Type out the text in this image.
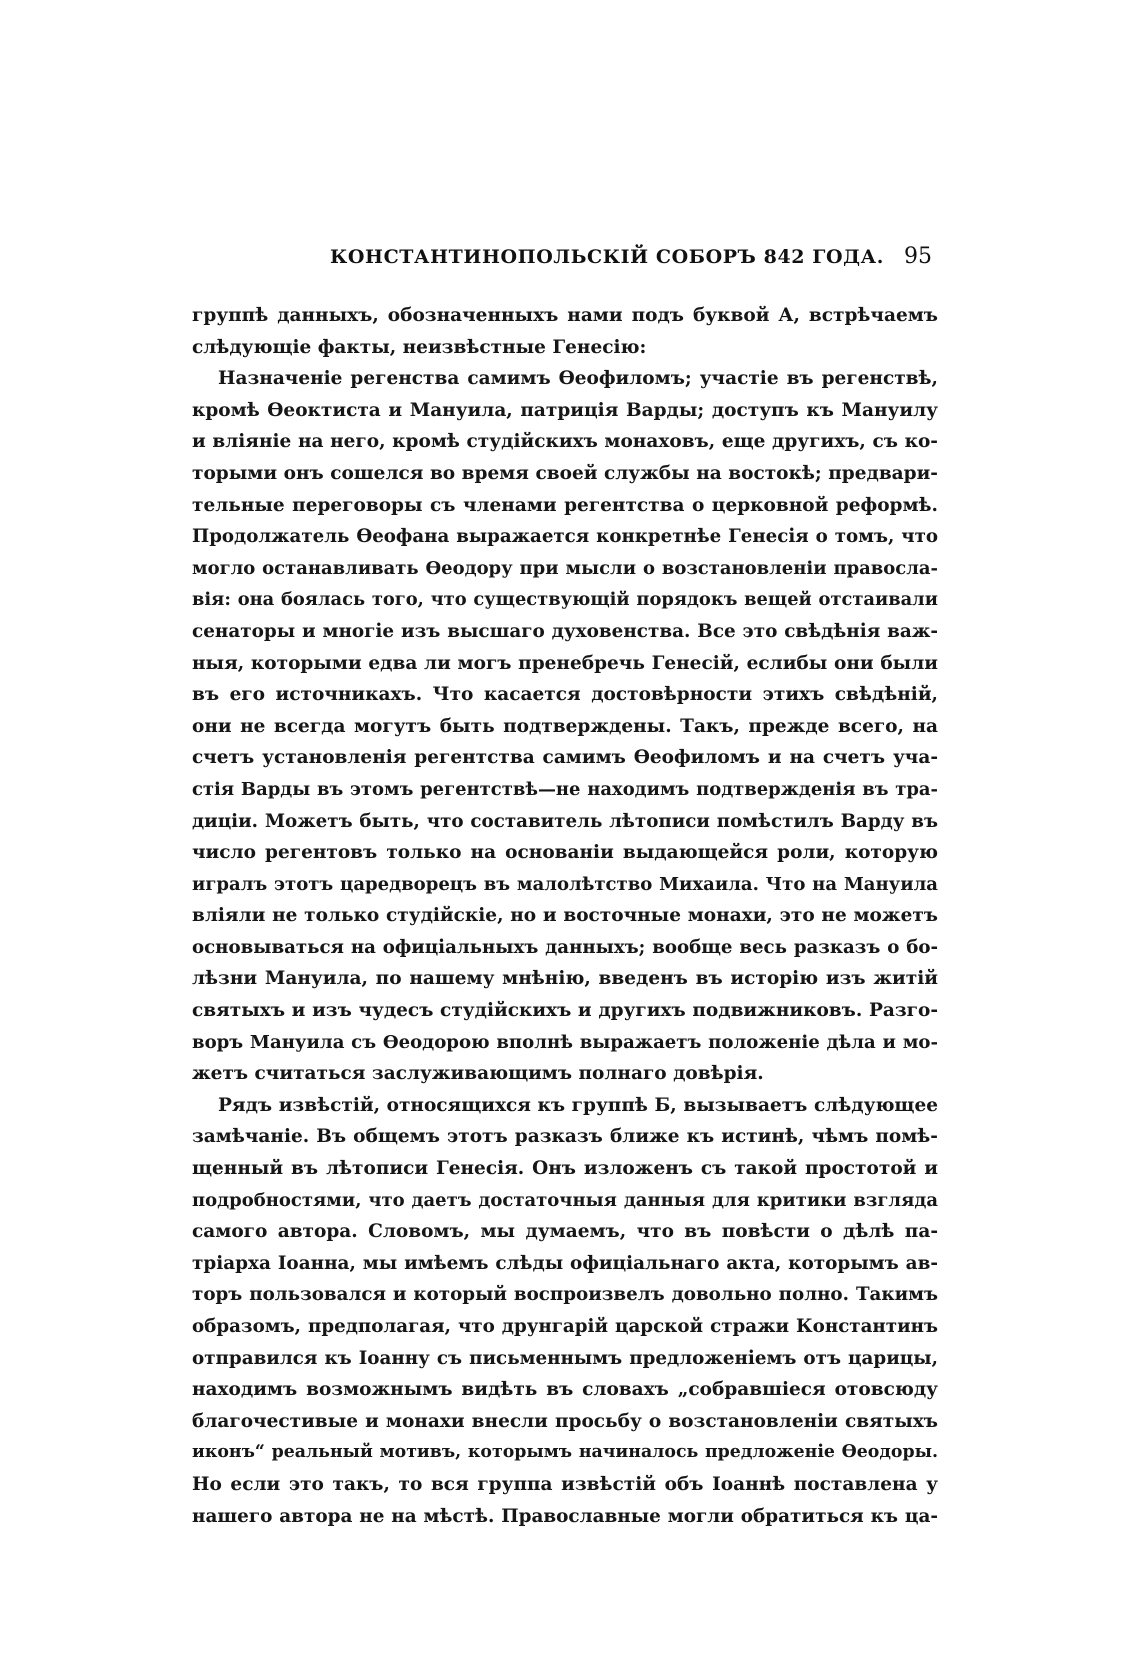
КОНСТАНТИНОПОЛЬСКІЙ СОБОРЪ 842 ГОДА. 95
группѣ данныхъ, обозначенныхъ нами подъ буквой А, встрѣчаемъ
слѣдующіе факты, неизвѣстные Генесію:
Назначеніе регенства самимъ Ѳеофиломъ; участіе въ регенствѣ,
кромѣ Ѳеоктиста и Мануила, патриція Варды; доступъ къ Мануилу
и вліяніе на него, кромѣ студійскихъ монаховъ, еще другихъ, съ ко-
торыми онъ сошелся во время своей службы на востокѣ; предвари-
тельные переговоры съ членами регентства о церковной реформѣ.
Продолжатель Ѳеофана выражается конкретнѣе Генесія о томъ, что
могло останавливать Ѳеодору при мысли о возстановленіи правосла-
вія: она боялась того, что существующій порядокъ вещей отстаивали
сенаторы и многіе изъ высшаго духовенства. Все это свѣдѣнія важ-
ныя, которыми едва ли могъ пренебречь Генесій, еслибы они были
въ его источникахъ. Что касается достовѣрности этихъ свѣдѣній,
они не всегда могутъ быть подтверждены. Такъ, прежде всего, на
счетъ установленія регентства самимъ Ѳеофиломъ и на счетъ уча-
стія Варды въ этомъ регентствѣ—не находимъ подтвержденія въ тра-
диціи. Можетъ быть, что составитель лѣтописи помѣстилъ Варду въ
число регентовъ только на основаніи выдающейся роли, которую
игралъ этотъ царедворецъ въ малолѣтство Михаила. Что на Мануила
вліяли не только студійскіе, но и восточные монахи, это не можетъ
основываться на офиціальныхъ данныхъ; вообще весь разказъ о бо-
лѣзни Мануила, по нашему мнѣнію, введенъ въ исторію изъ житій
святыхъ и изъ чудесъ студійскихъ и другихъ подвижниковъ. Разго-
воръ Мануила съ Ѳеодорою вполнѣ выражаетъ положеніе дѣла и мо-
жетъ считаться заслуживающимъ полнаго довѣрія.
Рядъ извѣстій, относящихся къ группѣ Б, вызываетъ слѣдующее
замѣчаніе. Въ общемъ этотъ разказъ ближе къ истинѣ, чѣмъ помѣ-
щенный въ лѣтописи Генесія. Онъ изложенъ съ такой простотой и
подробностями, что даетъ достаточныя данныя для критики взгляда
самого автора. Словомъ, мы думаемъ, что въ повѣсти о дѣлѣ па-
тріарха Іоанна, мы имѣемъ слѣды офиціальнаго акта, которымъ ав-
торъ пользовался и который воспроизвелъ довольно полно. Такимъ
образомъ, предполагая, что друнгарій царской стражи Константинъ
отправился къ Іоанну съ письменнымъ предложеніемъ отъ царицы,
находимъ возможнымъ видѣть въ словахъ „собравшіеся отовсюду
благочестивые и монахи внесли просьбу о возстановленіи святыхъ
иконъ“ реальный мотивъ, которымъ начиналось предложеніе Ѳеодоры.
Но если это такъ, то вся группа извѣстій объ Іоаннѣ поставлена у
нашего автора не на мѣстѣ. Православные могли обратиться къ ца-
